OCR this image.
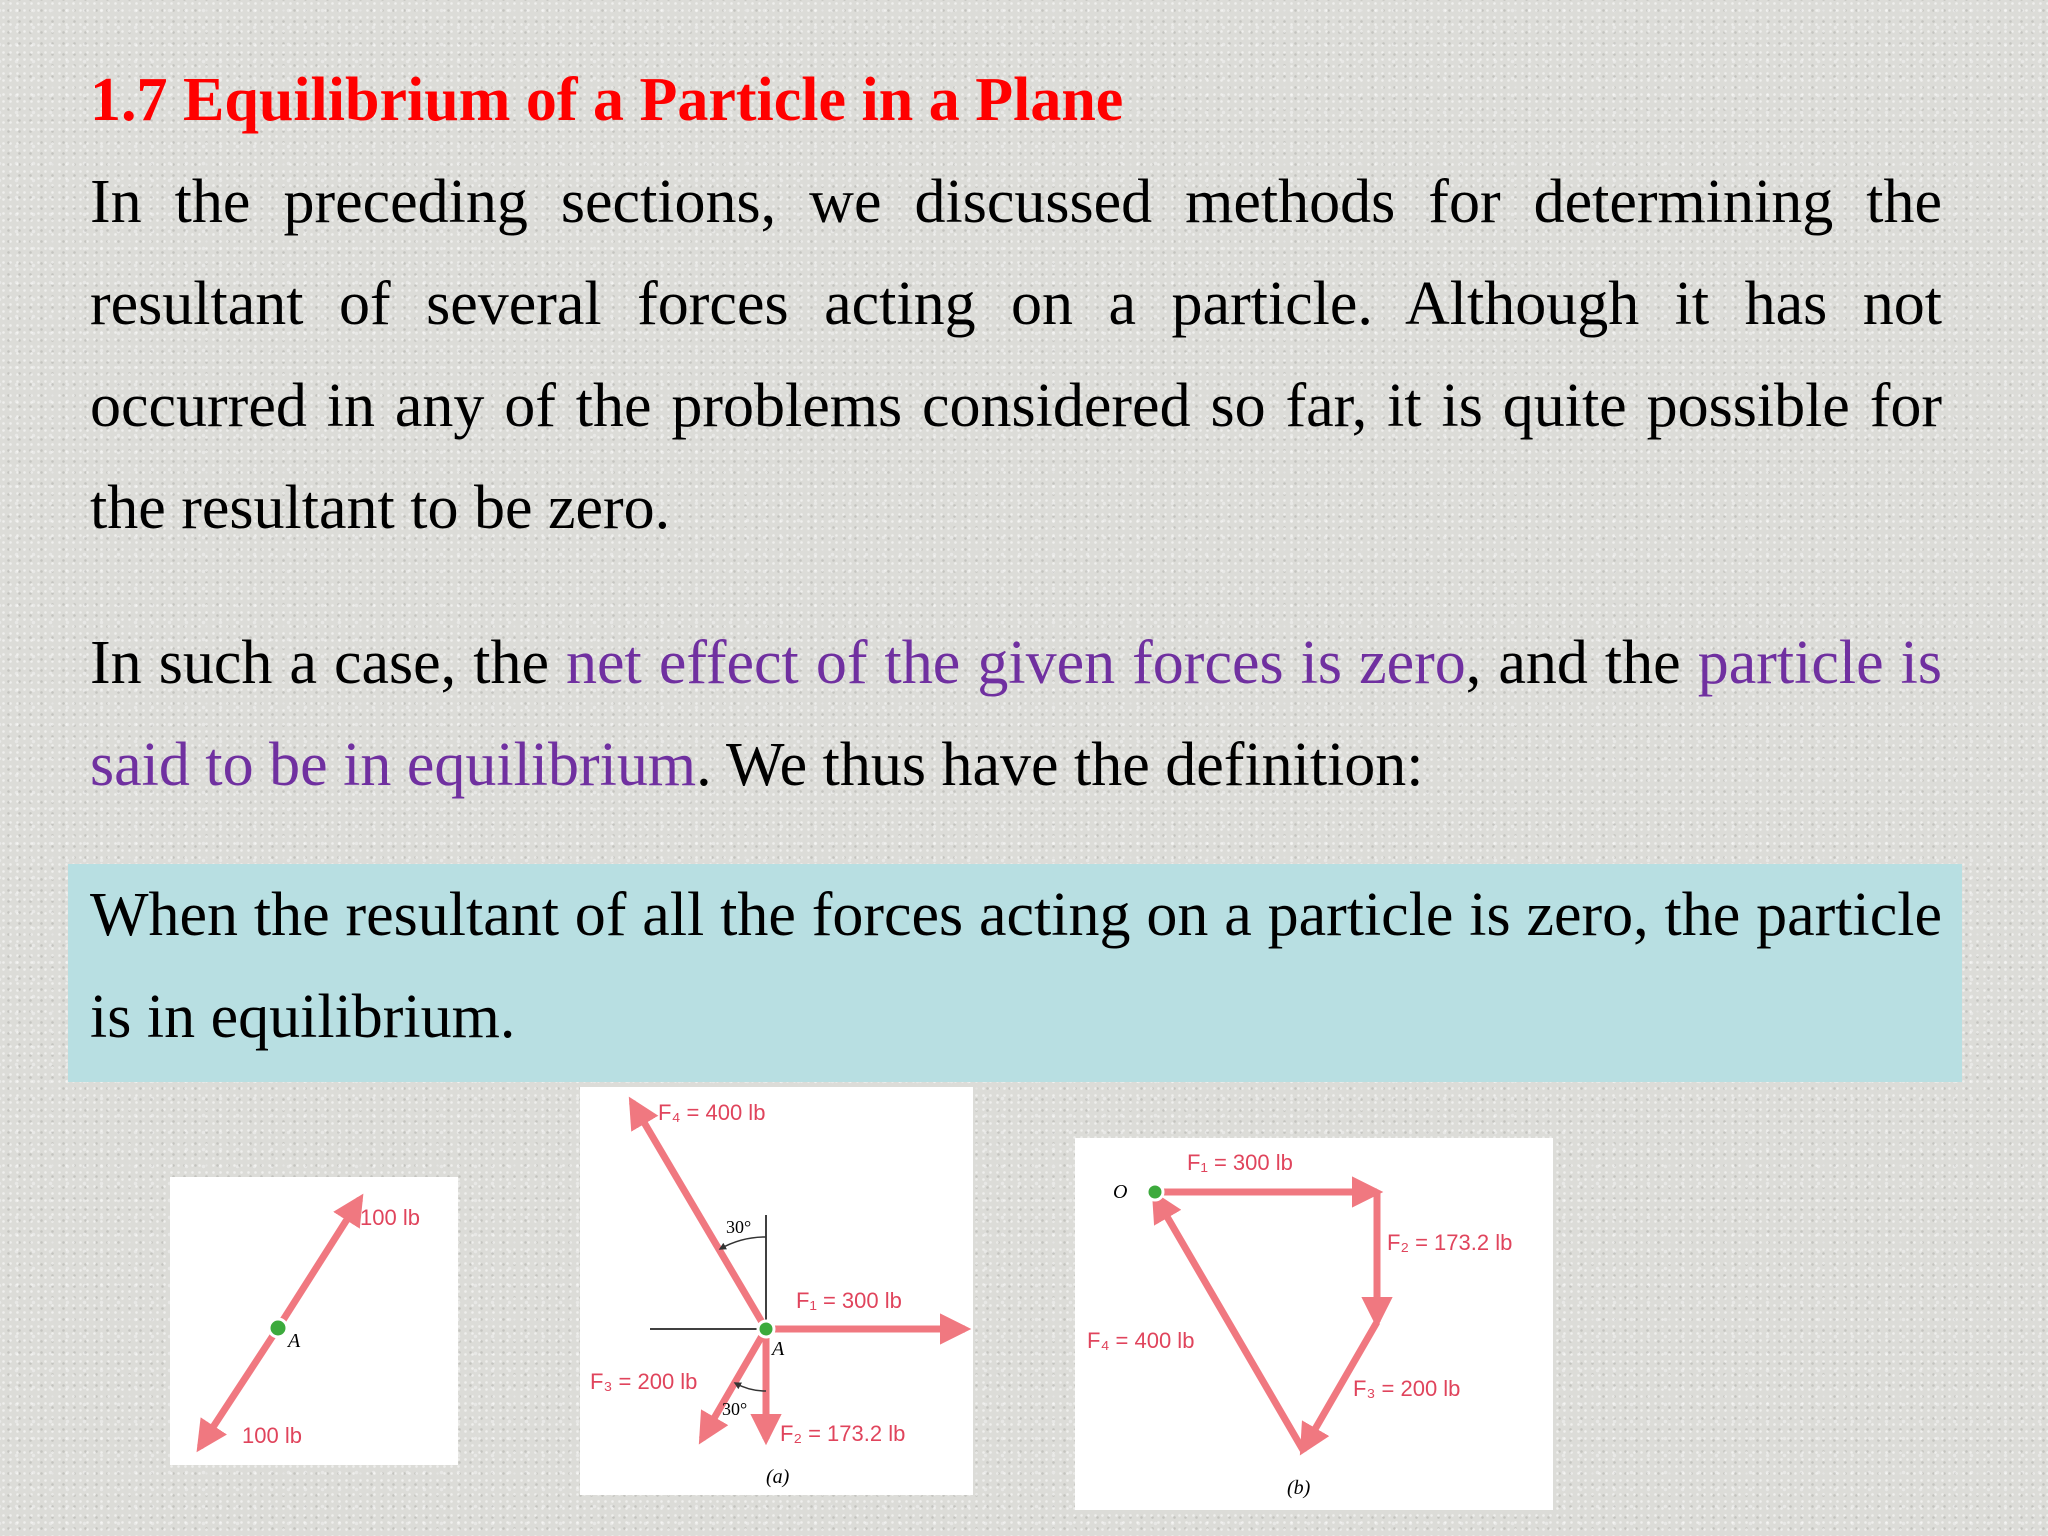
1.7 Equilibrium of a Particle in a Plane

In the preceding sections, we discussed methods for determining the resultant of several forces acting on a particle. Although it has not occurred in any of the problems considered so far, it is quite possible for the resultant to be zero.

In such a case, the net effect of the given forces is zero, and the particle is said to be in equilibrium. We thus have the definition:

When the resultant of all the forces acting on a particle is zero, the particle is in equilibrium.

A
100 lb
100 lb
A
F₄ = 400 lb
F₁ = 300 lb
F₃ = 200 lb
F₂ = 173.2 lb
30°
30°
(a)
O
F₁ = 300 lb
F₂ = 173.2 lb
F₃ = 200 lb
F₄ = 400 lb
(b)
